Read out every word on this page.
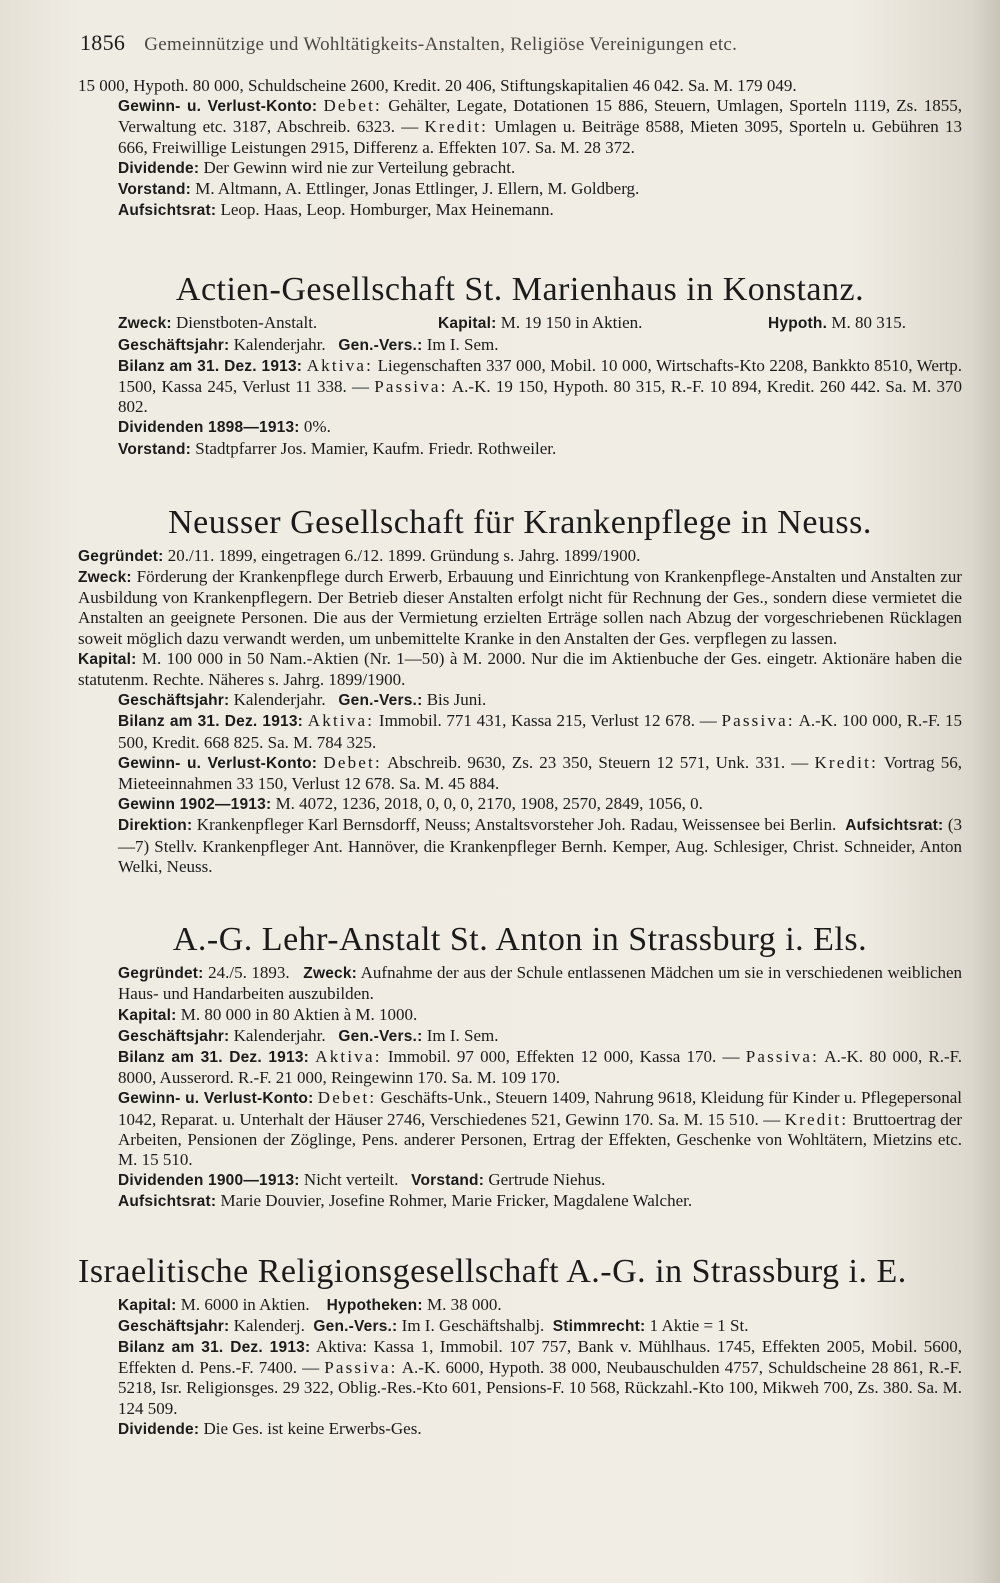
1856 Gemeinnützige und Wohltätigkeits-Anstalten, Religiöse Vereinigungen etc.

15 000, Hypoth. 80 000, Schuldscheine 2600, Kredit. 20 406, Stiftungskapitalien 46 042. Sa. M. 179 049.

Gewinn- u. Verlust-Konto: Debet: Gehälter, Legate, Dotationen 15 886, Steuern, Umlagen, Sporteln 1119, Zs. 1855, Verwaltung etc. 3187, Abschreib. 6323. — Kredit: Umlagen u. Beiträge 8588, Mieten 3095, Sporteln u. Gebühren 13 666, Freiwillige Leistungen 2915, Differenz a. Effekten 107. Sa. M. 28 372.

Dividende: Der Gewinn wird nie zur Verteilung gebracht.

Vorstand: M. Altmann, A. Ettlinger, Jonas Ettlinger, J. Ellern, M. Goldberg.

Aufsichtsrat: Leop. Haas, Leop. Homburger, Max Heinemann.

Actien-Gesellschaft St. Marienhaus in Konstanz.
Zweck: Dienstboten-Anstalt.	Kapital: M. 19 150 in Aktien.	Hypoth. M. 80 315.

Geschäftsjahr: Kalenderjahr. Gen.-Vers.: Im I. Sem.

Bilanz am 31. Dez. 1913: Aktiva: Liegenschaften 337 000, Mobil. 10 000, Wirtschafts-Kto 2208, Bankkto 8510, Wertp. 1500, Kassa 245, Verlust 11 338. — Passiva: A.-K. 19 150, Hypoth. 80 315, R.-F. 10 894, Kredit. 260 442. Sa. M. 370 802.

Dividenden 1898—1913: 0%.

Vorstand: Stadtpfarrer Jos. Mamier, Kaufm. Friedr. Rothweiler.

Neusser Gesellschaft für Krankenpflege in Neuss.

Gegründet: 20./11. 1899, eingetragen 6./12. 1899. Gründung s. Jahrg. 1899/1900.

Zweck: Förderung der Krankenpflege durch Erwerb, Erbauung und Einrichtung von Krankenpflege-Anstalten und Anstalten zur Ausbildung von Krankenpflegern. Der Betrieb dieser Anstalten erfolgt nicht für Rechnung der Ges., sondern diese vermietet die Anstalten an geeignete Personen. Die aus der Vermietung erzielten Erträge sollen nach Abzug der vorgeschriebenen Rücklagen soweit möglich dazu verwandt werden, um unbemittelte Kranke in den Anstalten der Ges. verpflegen zu lassen.

Kapital: M. 100 000 in 50 Nam.-Aktien (Nr. 1—50) à M. 2000. Nur die im Aktienbuche der Ges. eingetr. Aktionäre haben die statutenm. Rechte. Näheres s. Jahrg. 1899/1900.

Geschäftsjahr: Kalenderjahr. Gen.-Vers.: Bis Juni.

Bilanz am 31. Dez. 1913: Aktiva: Immobil. 771 431, Kassa 215, Verlust 12 678. — Passiva: A.-K. 100 000, R.-F. 15 500, Kredit. 668 825. Sa. M. 784 325.

Gewinn- u. Verlust-Konto: Debet: Abschreib. 9630, Zs. 23 350, Steuern 12 571, Unk. 331. — Kredit: Vortrag 56, Mieteeinnahmen 33 150, Verlust 12 678. Sa. M. 45 884.

Gewinn 1902—1913: M. 4072, 1236, 2018, 0, 0, 0, 2170, 1908, 2570, 2849, 1056, 0.

Direktion: Krankenpfleger Karl Bernsdorff, Neuss; Anstaltsvorsteher Joh. Radau, Weissensee bei Berlin. Aufsichtsrat: (3—7) Stellv. Krankenpfleger Ant. Hannöver, die Krankenpfleger Bernh. Kemper, Aug. Schlesiger, Christ. Schneider, Anton Welki, Neuss.

A.-G. Lehr-Anstalt St. Anton in Strassburg i. Els.

Gegründet: 24./5. 1893. Zweck: Aufnahme der aus der Schule entlassenen Mädchen um sie in verschiedenen weiblichen Haus- und Handarbeiten auszubilden.

Kapital: M. 80 000 in 80 Aktien à M. 1000.

Geschäftsjahr: Kalenderjahr. Gen.-Vers.: Im I. Sem.

Bilanz am 31. Dez. 1913: Aktiva: Immobil. 97 000, Effekten 12 000, Kassa 170. — Passiva: A.-K. 80 000, R.-F. 8000, Ausserord. R.-F. 21 000, Reingewinn 170. Sa. M. 109 170.

Gewinn- u. Verlust-Konto: Debet: Geschäfts-Unk., Steuern 1409, Nahrung 9618, Kleidung für Kinder u. Pflegepersonal 1042, Reparat. u. Unterhalt der Häuser 2746, Verschiedenes 521, Gewinn 170. Sa. M. 15 510. — Kredit: Bruttoertrag der Arbeiten, Pensionen der Zöglinge, Pens. anderer Personen, Ertrag der Effekten, Geschenke von Wohltätern, Mietzins etc. M. 15 510.

Dividenden 1900—1913: Nicht verteilt. Vorstand: Gertrude Niehus.

Aufsichtsrat: Marie Douvier, Josefine Rohmer, Marie Fricker, Magdalene Walcher.

Israelitische Religionsgesellschaft A.-G. in Strassburg i. E.

Kapital: M. 6000 in Aktien. Hypotheken: M. 38 000.

Geschäftsjahr: Kalenderj. Gen.-Vers.: Im I. Geschäftshalbj. Stimmrecht: 1 Aktie = 1 St.

Bilanz am 31. Dez. 1913: Aktiva: Kassa 1, Immobil. 107 757, Bank v. Mühlhaus. 1745, Effekten 2005, Mobil. 5600, Effekten d. Pens.-F. 7400. — Passiva: A.-K. 6000, Hypoth. 38 000, Neubauschulden 4757, Schuldscheine 28 861, R.-F. 5218, Isr. Religionsges. 29 322, Oblig.-Res.-Kto 601, Pensions-F. 10 568, Rückzahl.-Kto 100, Mikweh 700, Zs. 380. Sa. M. 124 509.

Dividende: Die Ges. ist keine Erwerbs-Ges.
